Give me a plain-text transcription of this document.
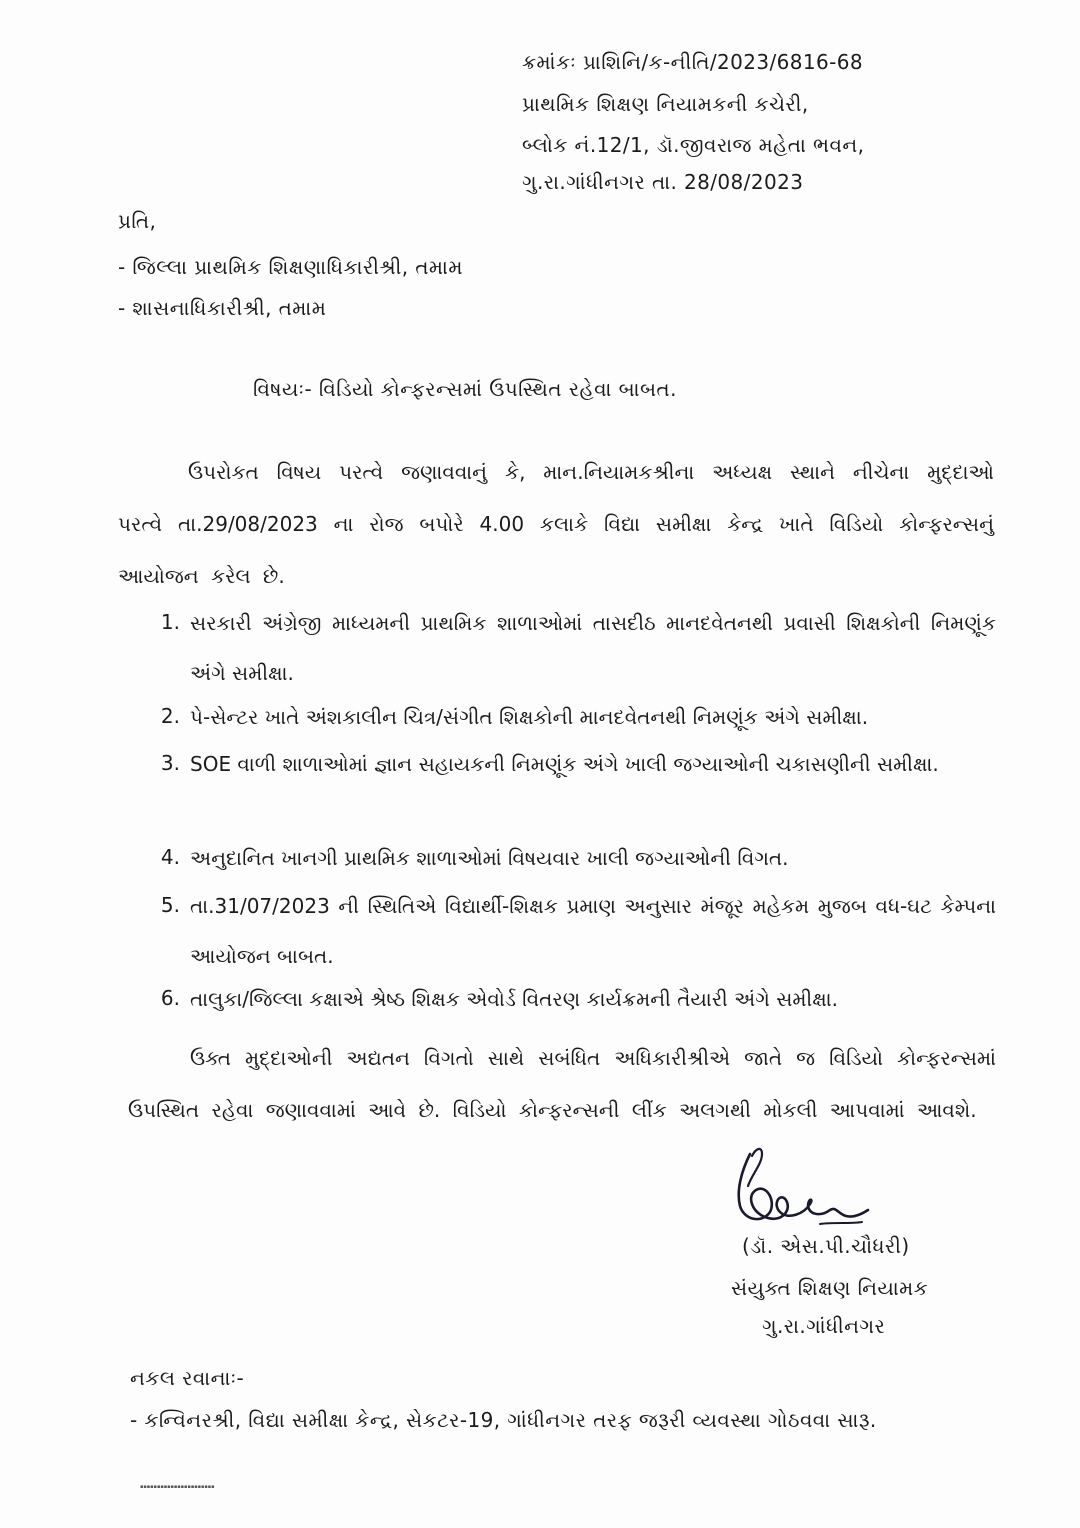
ક્રમાંકઃ પ્રાશિનિ/ક-નીતિ/2023/6816-68
પ્રાથમિક શિક્ષણ નિયામકની કચેરી,
બ્લોક નં.12/1, ડૉ.જીવરાજ મહેતા ભવન,
ગુ.રા.ગાંધીનગર તા. 28/08/2023
પ્રતિ,
- જિલ્લા પ્રાથમિક શિક્ષણાધિકારીશ્રી, તમામ
- શાસનાધિકારીશ્રી, તમામ
વિષયઃ- વિડિયો કોન્ફરન્સમાં ઉપસ્થિત રહેવા બાબત.
ઉપરોકત વિષય પરત્વે જણાવવાનું કે, માન.નિયામકશ્રીના અધ્યક્ષ સ્થાને નીચેના મુદ્દાઓ પરત્વે તા.29/08/2023 ના રોજ બપોરે 4.00 કલાકે વિદ્યા સમીક્ષા કેન્દ્ર ખાતે વિડિયો કોન્ફરન્સનું આયોજન કરેલ છે.
1. સરકારી અંગ્રેજી માધ્યમની પ્રાથમિક શાળાઓમાં તાસદીઠ માનદવેતનથી પ્રવાસી શિક્ષકોની નિમણૂંક અંગે સમીક્ષા.
2. પે-સેન્ટર ખાતે અંશકાલીન ચિત્ર/સંગીત શિક્ષકોની માનદવેતનથી નિમણૂંક અંગે સમીક્ષા.
3. SOE વાળી શાળાઓમાં જ્ઞાન સહાયકની નિમણૂંક અંગે ખાલી જગ્યાઓની ચકાસણીની સમીક્ષા.
4. અનુદાનિત ખાનગી પ્રાથમિક શાળાઓમાં વિષયવાર ખાલી જગ્યાઓની વિગત.
5. તા.31/07/2023 ની સ્થિતિએ વિદ્યાર્થી-શિક્ષક પ્રમાણ અનુસાર મંજૂર મહેકમ મુજબ વધ-ઘટ કેમ્પના આયોજન બાબત.
6. તાલુકા/જિલ્લા કક્ષાએ શ્રેષ્ઠ શિક્ષક એવોર્ડ વિતરણ કાર્યક્રમની તૈયારી અંગે સમીક્ષા.
ઉક્ત મુદ્દાઓની અદ્યતન વિગતો સાથે સબંધિત અધિકારીશ્રીએ જાતે જ વિડિયો કોન્ફરન્સમાં ઉપસ્થિત રહેવા જણાવવામાં આવે છે. વિડિયો કોન્ફરન્સની લીંક અલગથી મોકલી આપવામાં આવશે.
(ડૉ. એસ.પી.ચૌધરી)
સંયુક્ત શિક્ષણ નિયામક
ગુ.રા.ગાંધીનગર
નકલ રવાનાઃ-
- કન્વિનરશ્રી, વિદ્યા સમીક્ષા કેન્દ્ર, સેકટર-19, ગાંધીનગર તરફ જરૂરી વ્યવસ્થા ગોઠવવા સારૂ.
▪▪▪▪▪▪▪▪▪▪▪▪▪▪▪▪▪▪▪▪▪▪
